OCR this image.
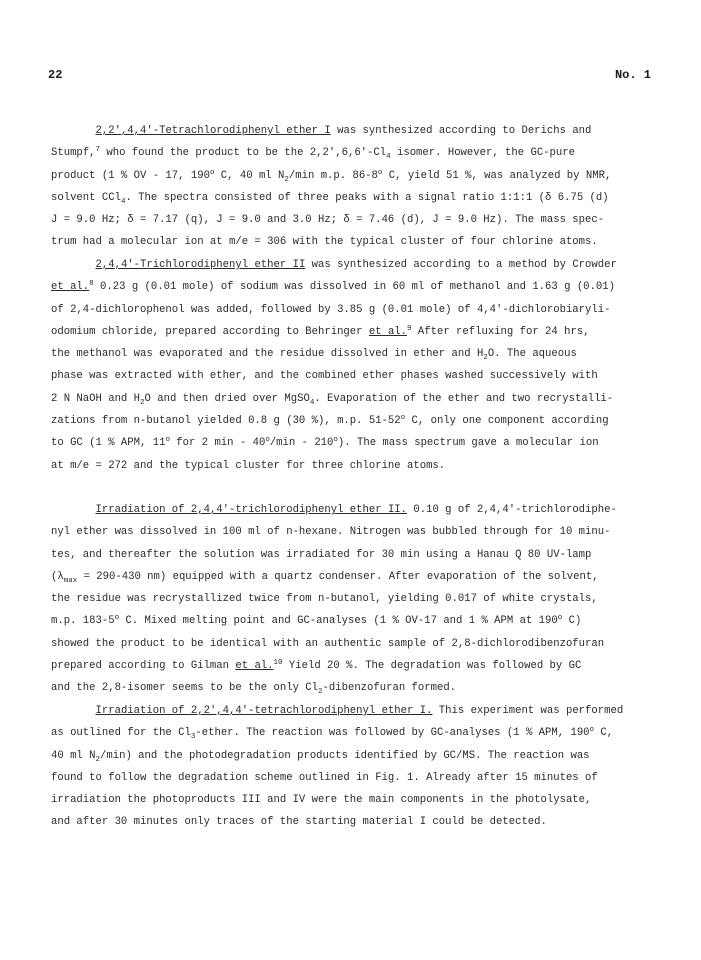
22	No. 1
2,2',4,4'-Tetrachlorodiphenyl ether I was synthesized according to Derichs and
Stumpf,$^7$ who found the product to be the $2,2',6,6'-Cl_4$ isomer. However, the GC-pure
product (1 % OV - 17, 190$^o$ C, 40 ml $N_2/\min$ m.p. 86-8$^o$ C, yield 51 %, was analyzed by NMR,
solvent CCl$_4$. The spectra consisted of three peaks with a signal ratio 1:1:1 (δ 6.75 (d)
J = 9.0 Hz; δ = 7.17 (q), J = 9.0 and 3.0 Hz; δ = 7.46 (d), J = 9.0 Hz). The mass spec-
trum had a molecular ion at m/e = 306 with the typical cluster of four chlorine atoms.
2,4,4'-Trichlorodiphenyl ether II was synthesized according to a method by Crowder
et al.$^8$ 0.23 g (0.01 mole) of sodium was dissolved in 60 ml of methanol and 1.63 g (0.01)
of 2,4-dichlorophenol was added, followed by 3.85 g (0.01 mole) of 4,4'-dichlorobiaryli-
odomium chloride, prepared according to Behringer et al.$^9$ After refluxing for 24 hrs,
the methanol was evaporated and the residue dissolved in ether and $H_2O$. The aqueous
phase was extracted with ether, and the combined ether phases washed successively with
2 N NaOH and $H_2O$ and then dried over MgSO$_4$. Evaporation of the ether and two recrystalli-
zations from n-butanol yielded 0.8 g (30 %), m.p. 51-52$^o$ C, only one component according
to GC (1 % APM, 11$^o$ for 2 min - 40$^o$/min - 210$^o$). The mass spectrum gave a molecular ion
at m/e = 272 and the typical cluster for three chlorine atoms.
Irradiation of 2,4,4'-trichlorodiphenyl ether II. 0.10 g of 2,4,4'-trichlorodiphe-
nyl ether was dissolved in 100 ml of n-hexane. Nitrogen was bubbled through for 10 minu-
tes, and thereafter the solution was irradiated for 30 min using a Hanau Q 80 UV-lamp
($\lambda_{max} = 290-430$ nm) equipped with a quartz condenser. After evaporation of the solvent,
the residue was recrystallized twice from n-butanol, yielding 0.017 of white crystals,
m.p. 183-5$^o$ C. Mixed melting point and GC-analyses (1 % OV-17 and 1 % APM at 190$^o$ C)
showed the product to be identical with an authentic sample of 2,8-dichlorodibenzofuran
prepared according to Gilman et al.$^{10}$ Yield 20 %. The degradation was followed by GC
and the 2,8-isomer seems to be the only $Cl_2$-dibenzofuran formed.
Irradiation of 2,2',4,4'-tetrachlorodiphenyl ether I. This experiment was performed
as outlined for the $Cl_3$-ether. The reaction was followed by GC-analyses (1 % APM, 190$^o$ C,
40 ml $N_2/\min$) and the photodegradation products identified by GC/MS. The reaction was
found to follow the degradation scheme outlined in Fig. 1. Already after 15 minutes of
irradiation the photoproducts III and IV were the main components in the photolysate,
and after 30 minutes only traces of the starting material I could be detected.
